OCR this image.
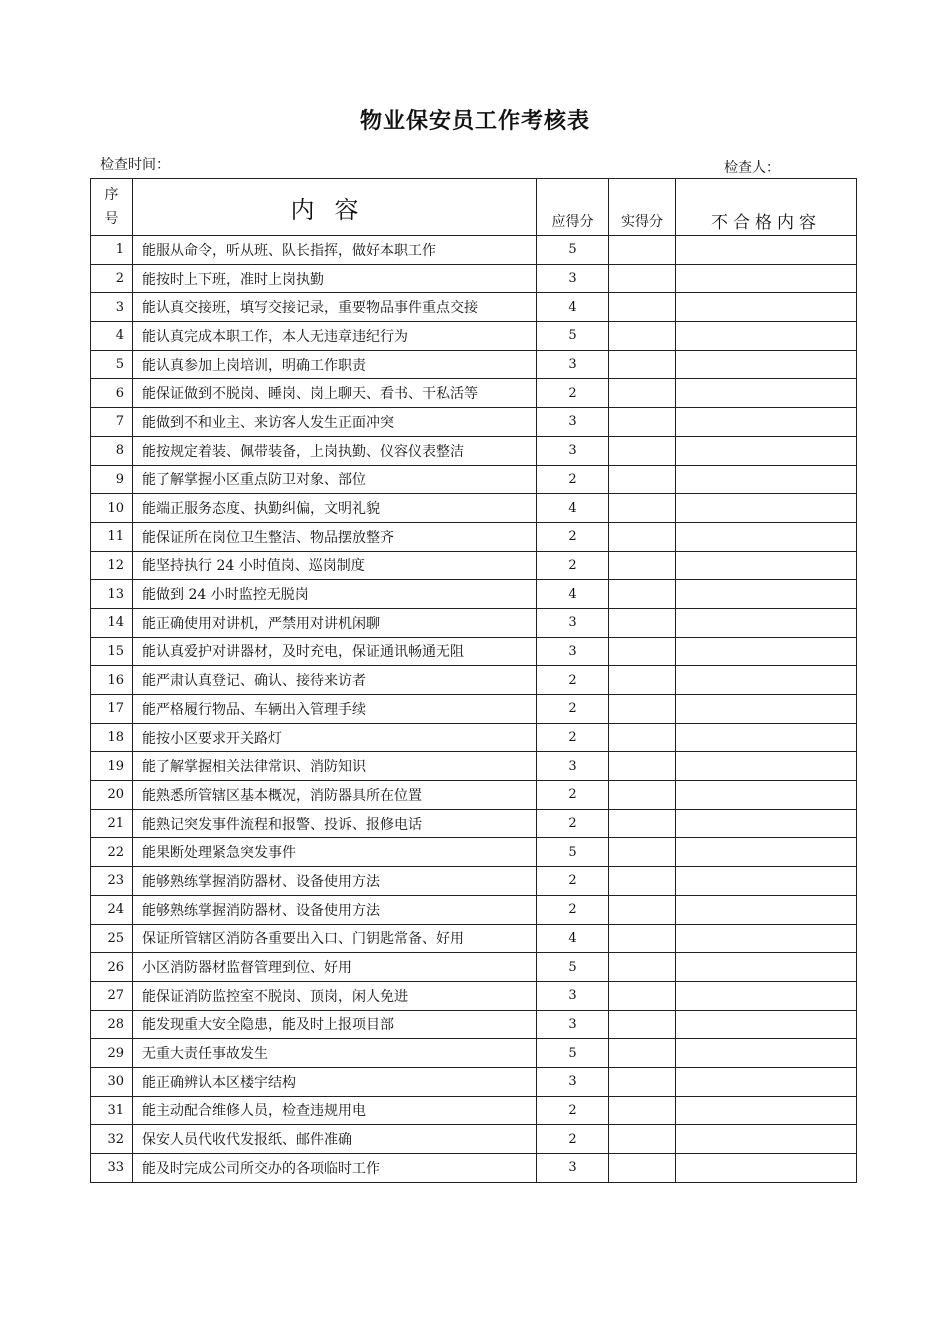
物业保安员工作考核表
检查时间：	检查人：
序号	内容	应得分	实得分	不合格内容
1	能服从命令，听从班、队长指挥，做好本职工作	5		
2	能按时上下班，准时上岗执勤	3		
3	能认真交接班，填写交接记录，重要物品事件重点交接	4		
4	能认真完成本职工作，本人无违章违纪行为	5		
5	能认真参加上岗培训，明确工作职责	3		
6	能保证做到不脱岗、睡岗、岗上聊天、看书、干私活等	2		
7	能做到不和业主、来访客人发生正面冲突	3		
8	能按规定着装、佩带装备，上岗执勤、仪容仪表整洁	3		
9	能了解掌握小区重点防卫对象、部位	2		
10	能端正服务态度、执勤纠偏，文明礼貌	4		
11	能保证所在岗位卫生整洁、物品摆放整齐	2		
12	能坚持执行 24 小时值岗、巡岗制度	2		
13	能做到 24 小时监控无脱岗	4		
14	能正确使用对讲机，严禁用对讲机闲聊	3		
15	能认真爱护对讲器材，及时充电，保证通讯畅通无阻	3		
16	能严肃认真登记、确认、接待来访者	2		
17	能严格履行物品、车辆出入管理手续	2		
18	能按小区要求开关路灯	2		
19	能了解掌握相关法律常识、消防知识	3		
20	能熟悉所管辖区基本概况，消防器具所在位置	2		
21	能熟记突发事件流程和报警、投诉、报修电话	2		
22	能果断处理紧急突发事件	5		
23	能够熟练掌握消防器材、设备使用方法	2		
24	能够熟练掌握消防器材、设备使用方法	2		
25	保证所管辖区消防各重要出入口、门钥匙常备、好用	4		
26	小区消防器材监督管理到位、好用	5		
27	能保证消防监控室不脱岗、顶岗，闲人免进	3		
28	能发现重大安全隐患，能及时上报项目部	3		
29	无重大责任事故发生	5		
30	能正确辨认本区楼宇结构	3		
31	能主动配合维修人员，检查违规用电	2		
32	保安人员代收代发报纸、邮件准确	2		
33	能及时完成公司所交办的各项临时工作	3		
